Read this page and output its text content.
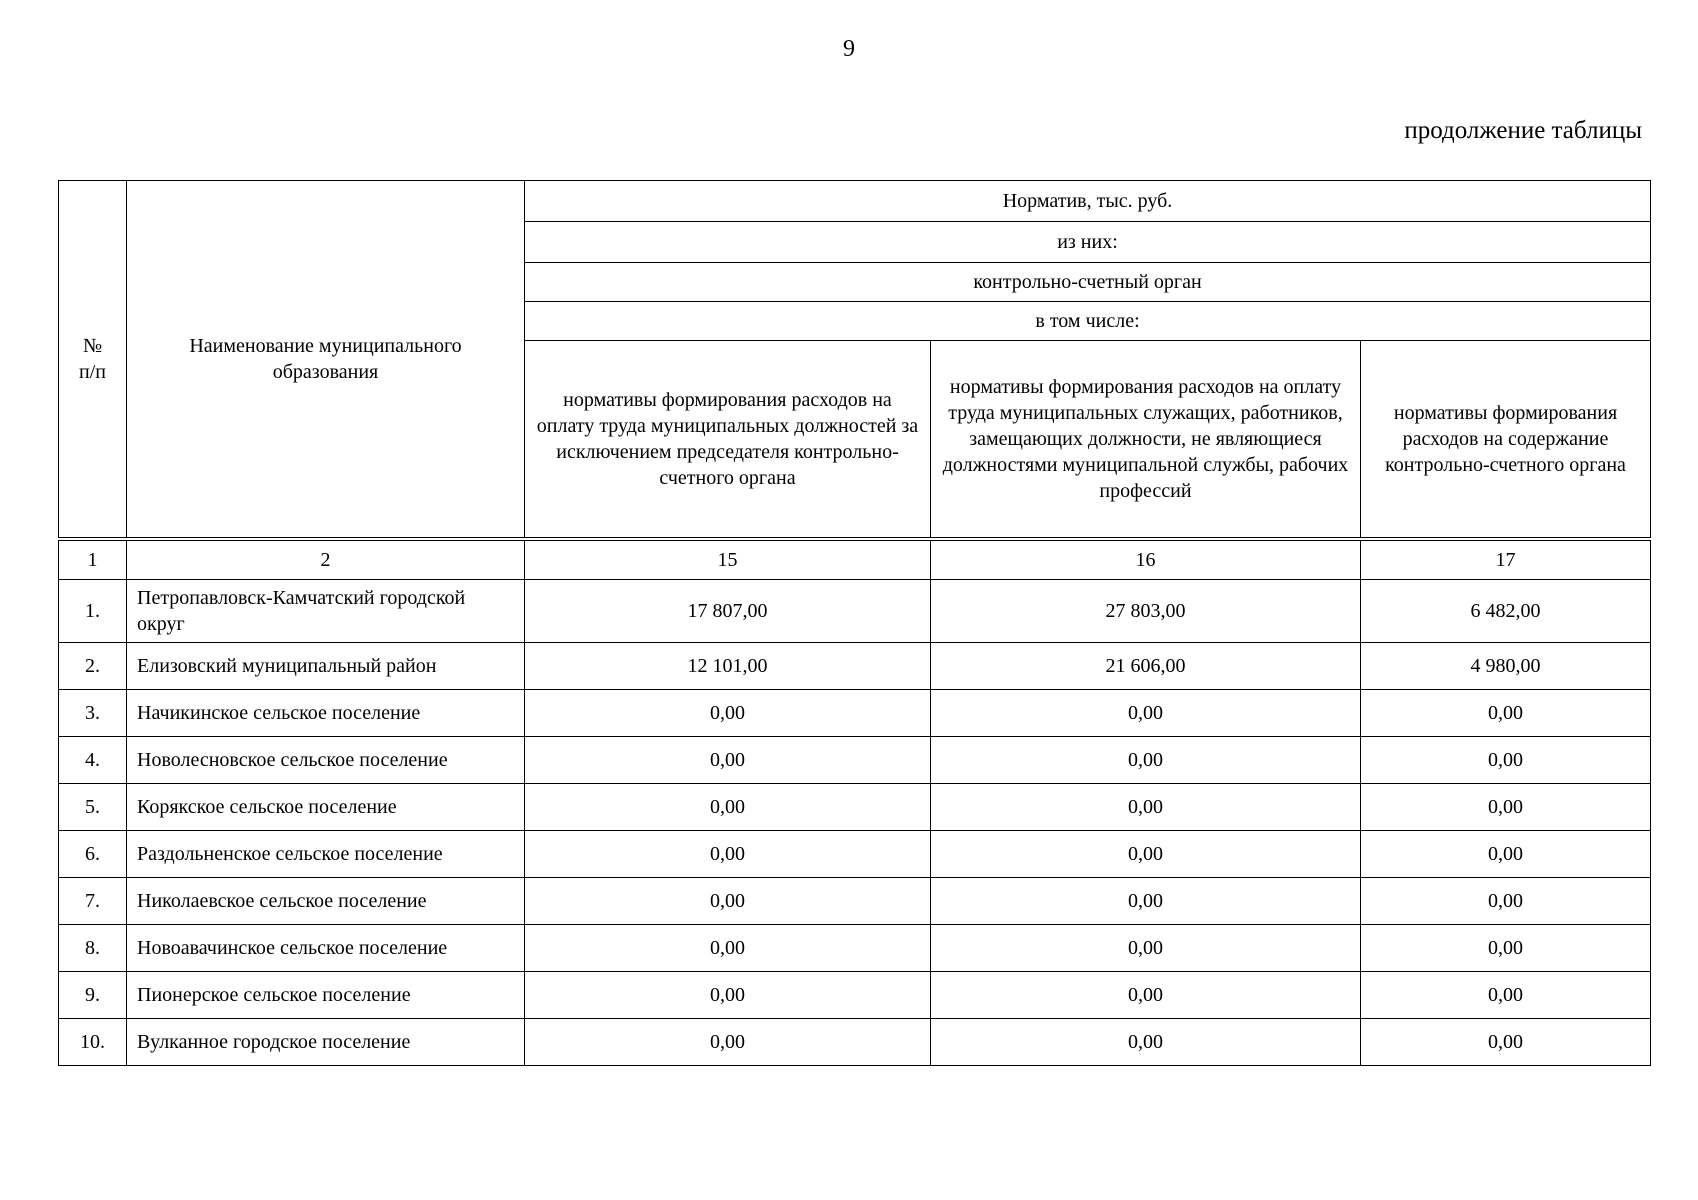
9
продолжение таблицы
№
п/п	Наименование муниципального образования	Норматив, тыс. руб.		
		из них:		
		контрольно-счетный орган		
		в том числе:		
		нормативы формирования расходов на оплату труда муниципальных должностей за исключением председателя контрольно-счетного органа	нормативы формирования расходов на оплату труда муниципальных служащих, работников, замещающих должности, не являющиеся должностями муниципальной службы, рабочих профессий	нормативы формирования расходов на содержание контрольно-счетного органа
1	2	15	16	17
1.	Петропавловск-Камчатский городской округ	17 807,00	27 803,00	6 482,00
2.	Елизовский муниципальный район	12 101,00	21 606,00	4 980,00
3.	Начикинское сельское поселение	0,00	0,00	0,00
4.	Новолесновское сельское поселение	0,00	0,00	0,00
5.	Корякское сельское поселение	0,00	0,00	0,00
6.	Раздольненское сельское поселение	0,00	0,00	0,00
7.	Николаевское сельское поселение	0,00	0,00	0,00
8.	Новоавачинское сельское поселение	0,00	0,00	0,00
9.	Пионерское сельское поселение	0,00	0,00	0,00
10.	Вулканное городское поселение	0,00	0,00	0,00
